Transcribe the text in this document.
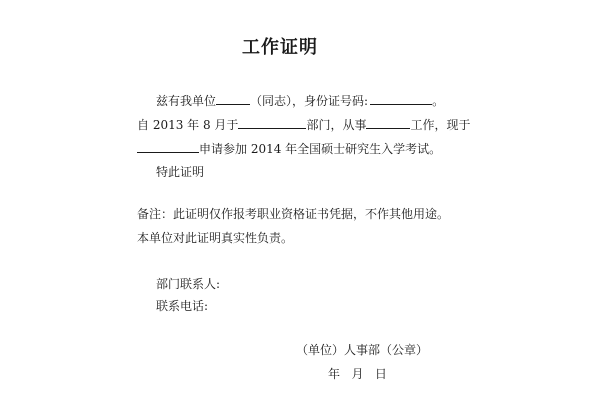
工作证明
兹有我单位	（同志），身份证号码:	。
自 2013 年 8 月于	部门，从事	工作，现于
申请参加 2014 年全国硕士研究生入学考试。
特此证明
备注：此证明仅作报考职业资格证书凭据，不作其他用途。
本单位对此证明真实性负责。
部门联系人:
联系电话:
（单位）人事部（公章）
年   月   日
